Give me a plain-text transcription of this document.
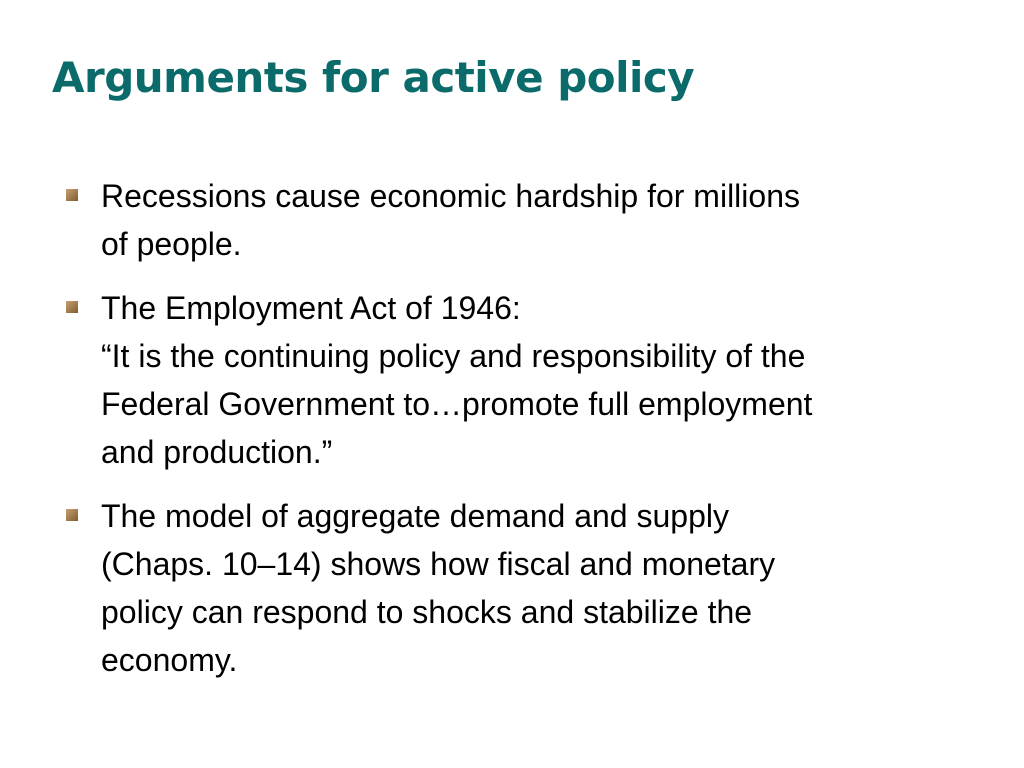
Arguments for active policy
Recessions cause economic hardship for millions
of people.
The Employment Act of 1946:
“It is the continuing policy and responsibility of the
Federal Government to…promote full employment
and production.”
The model of aggregate demand and supply
(Chaps. 10–14) shows how fiscal and monetary
policy can respond to shocks and stabilize the
economy.
